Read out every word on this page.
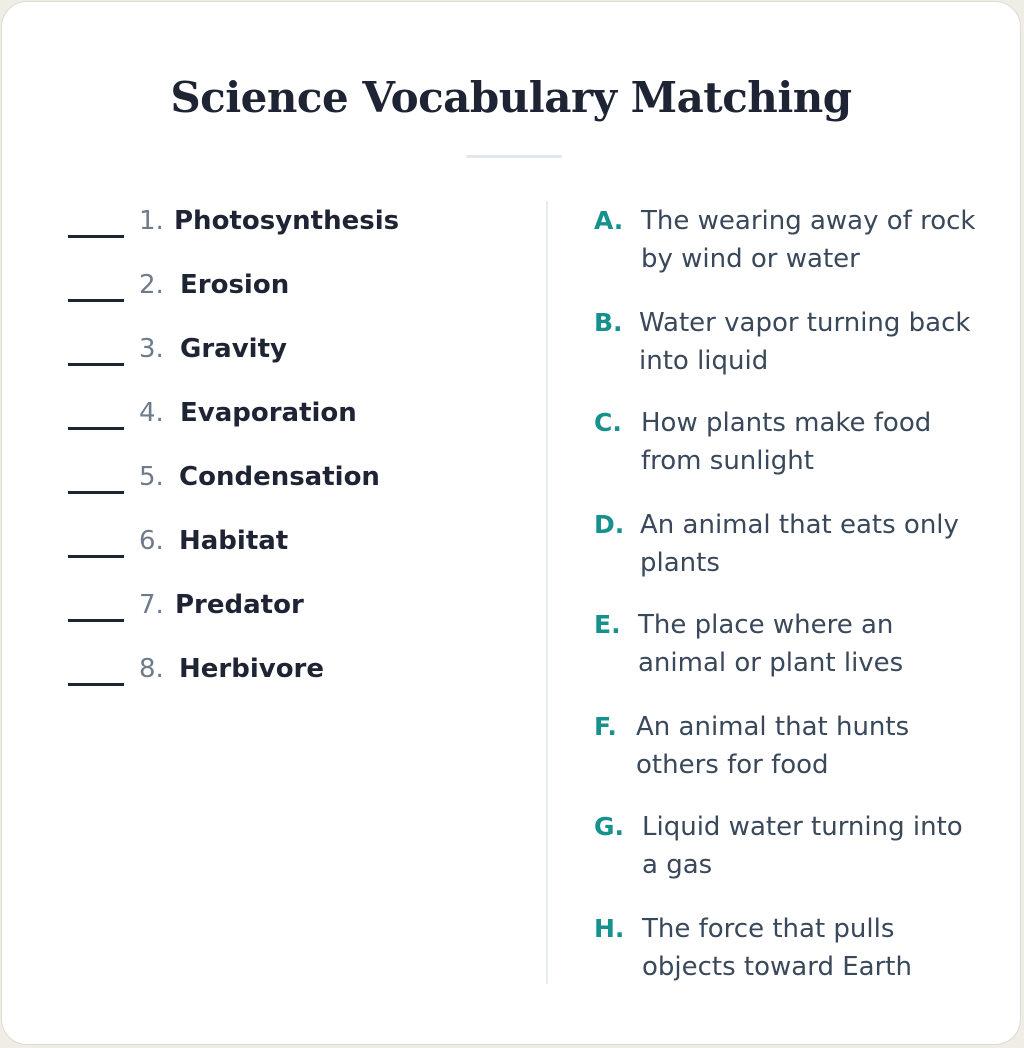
Science Vocabulary Matching
1. Photosynthesis
2. Erosion
3. Gravity
4. Evaporation
5. Condensation
6. Habitat
7. Predator
8. Herbivore
A. The wearing away of rock by wind or water
B. Water vapor turning back into liquid
C. How plants make food from sunlight
D. An animal that eats only plants
E. The place where an animal or plant lives
F. An animal that hunts others for food
G. Liquid water turning into a gas
H. The force that pulls objects toward Earth
